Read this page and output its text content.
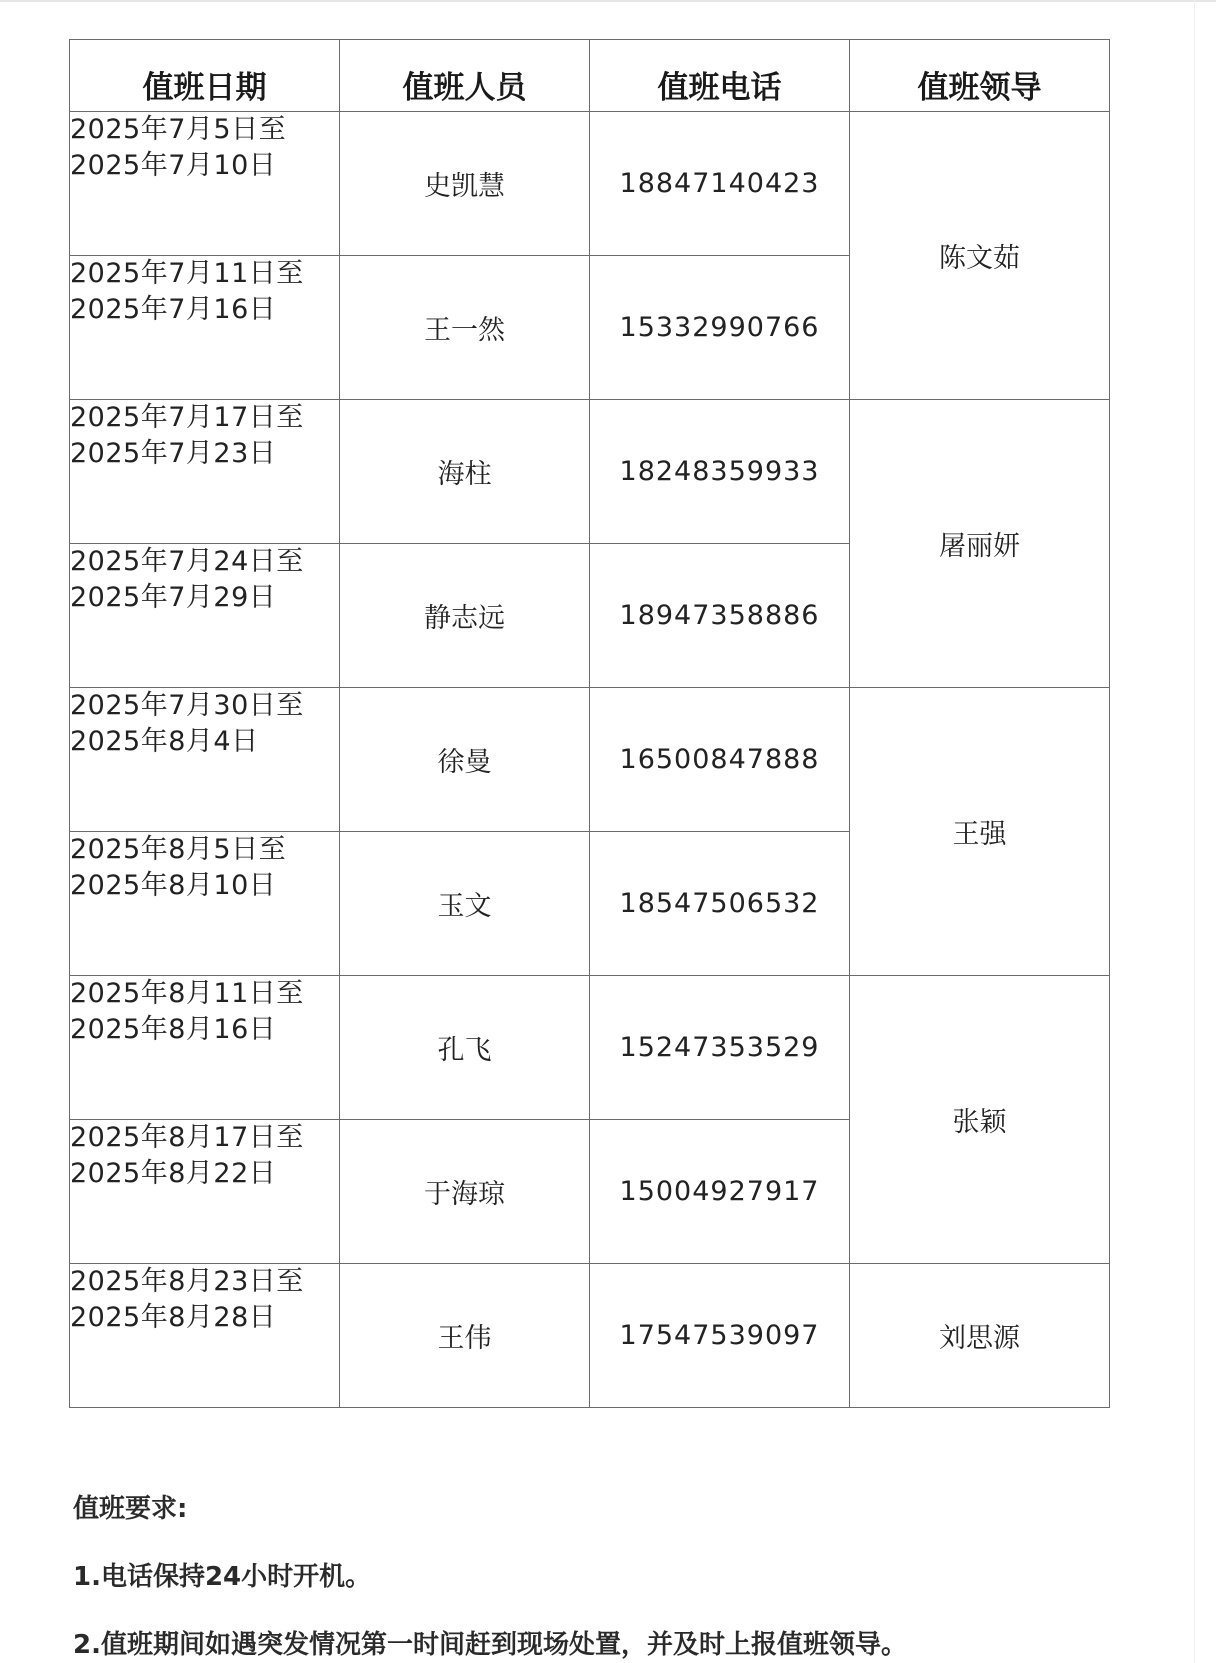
值班日期	值班人员	值班电话	值班领导

2025年7月5日至
2025年7月10日	史凯慧	18847140423	陈文茹

2025年7月11日至
2025年7月16日	王一然	15332990766	

2025年7月17日至
2025年7月23日	海柱	18248359933	屠丽妍

2025年7月24日至
2025年7月29日	静志远	18947358886	

2025年7月30日至
2025年8月4日	徐曼	16500847888	王强

2025年8月5日至
2025年8月10日	玉文	18547506532	

2025年8月11日至
2025年8月16日	孔飞	15247353529	张颖

2025年8月17日至
2025年8月22日	于海琼	15004927917	

2025年8月23日至
2025年8月28日	王伟	17547539097	刘思源
值班要求:
1.电话保持24小时开机。
2.值班期间如遇突发情况第一时间赶到现场处置，并及时上报值班领导。
